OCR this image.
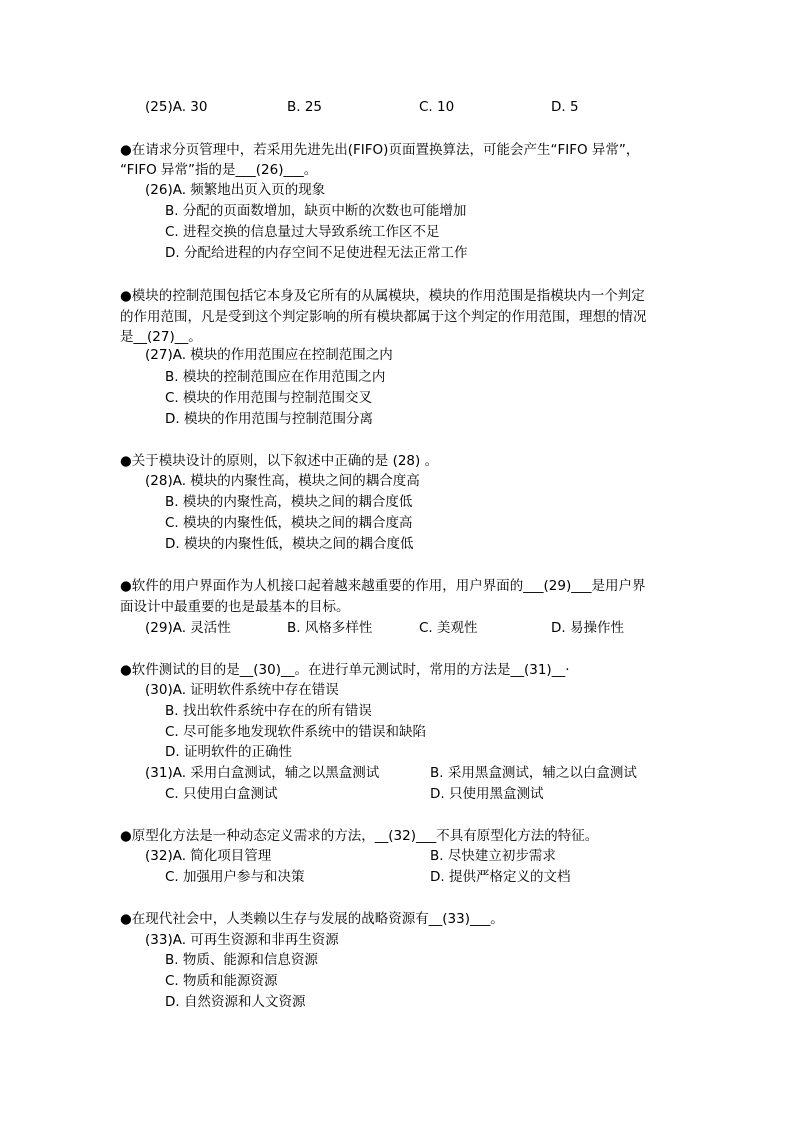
(25)A. 30	B. 25	C. 10	D. 5
●在请求分页管理中，若采用先进先出(FIFO)页面置换算法，可能会产生“FIFO 异常”，
“FIFO 异常”指的是___(26)___。
(26)A. 频繁地出页入页的现象
B. 分配的页面数增加，缺页中断的次数也可能增加
C. 进程交换的信息量过大导致系统工作区不足
D. 分配给进程的内存空间不足使进程无法正常工作
●模块的控制范围包括它本身及它所有的从属模块，模块的作用范围是指模块内一个判定
的作用范围，凡是受到这个判定影响的所有模块都属于这个判定的作用范围，理想的情况
是__(27)__。
(27)A. 模块的作用范围应在控制范围之内
B. 模块的控制范围应在作用范围之内
C. 模块的作用范围与控制范围交叉
D. 模块的作用范围与控制范围分离
●关于模块设计的原则，以下叙述中正确的是 (28) 。
(28)A. 模块的内聚性高，模块之间的耦合度高
B. 模块的内聚性高，模块之间的耦合度低
C. 模块的内聚性低，模块之间的耦合度高
D. 模块的内聚性低，模块之间的耦合度低
●软件的用户界面作为人机接口起着越来越重要的作用，用户界面的___(29)___是用户界
面设计中最重要的也是最基本的目标。
(29)A. 灵活性	B. 风格多样性	C. 美观性	D. 易操作性
●软件测试的目的是__(30)__。在进行单元测试时，常用的方法是__(31)__·
(30)A. 证明软件系统中存在错误
B. 找出软件系统中存在的所有错误
C. 尽可能多地发现软件系统中的错误和缺陷
D. 证明软件的正确性
(31)A. 采用白盒测试，辅之以黑盒测试	B. 采用黑盒测试，辅之以白盒测试
C. 只使用白盒测试	D. 只使用黑盒测试
●原型化方法是一种动态定义需求的方法，__(32)___不具有原型化方法的特征。
(32)A. 简化项目管理	B. 尽快建立初步需求
C. 加强用户参与和决策	D. 提供严格定义的文档
●在现代社会中，人类赖以生存与发展的战略资源有__(33)___。
(33)A. 可再生资源和非再生资源
B. 物质、能源和信息资源
C. 物质和能源资源
D. 自然资源和人文资源
